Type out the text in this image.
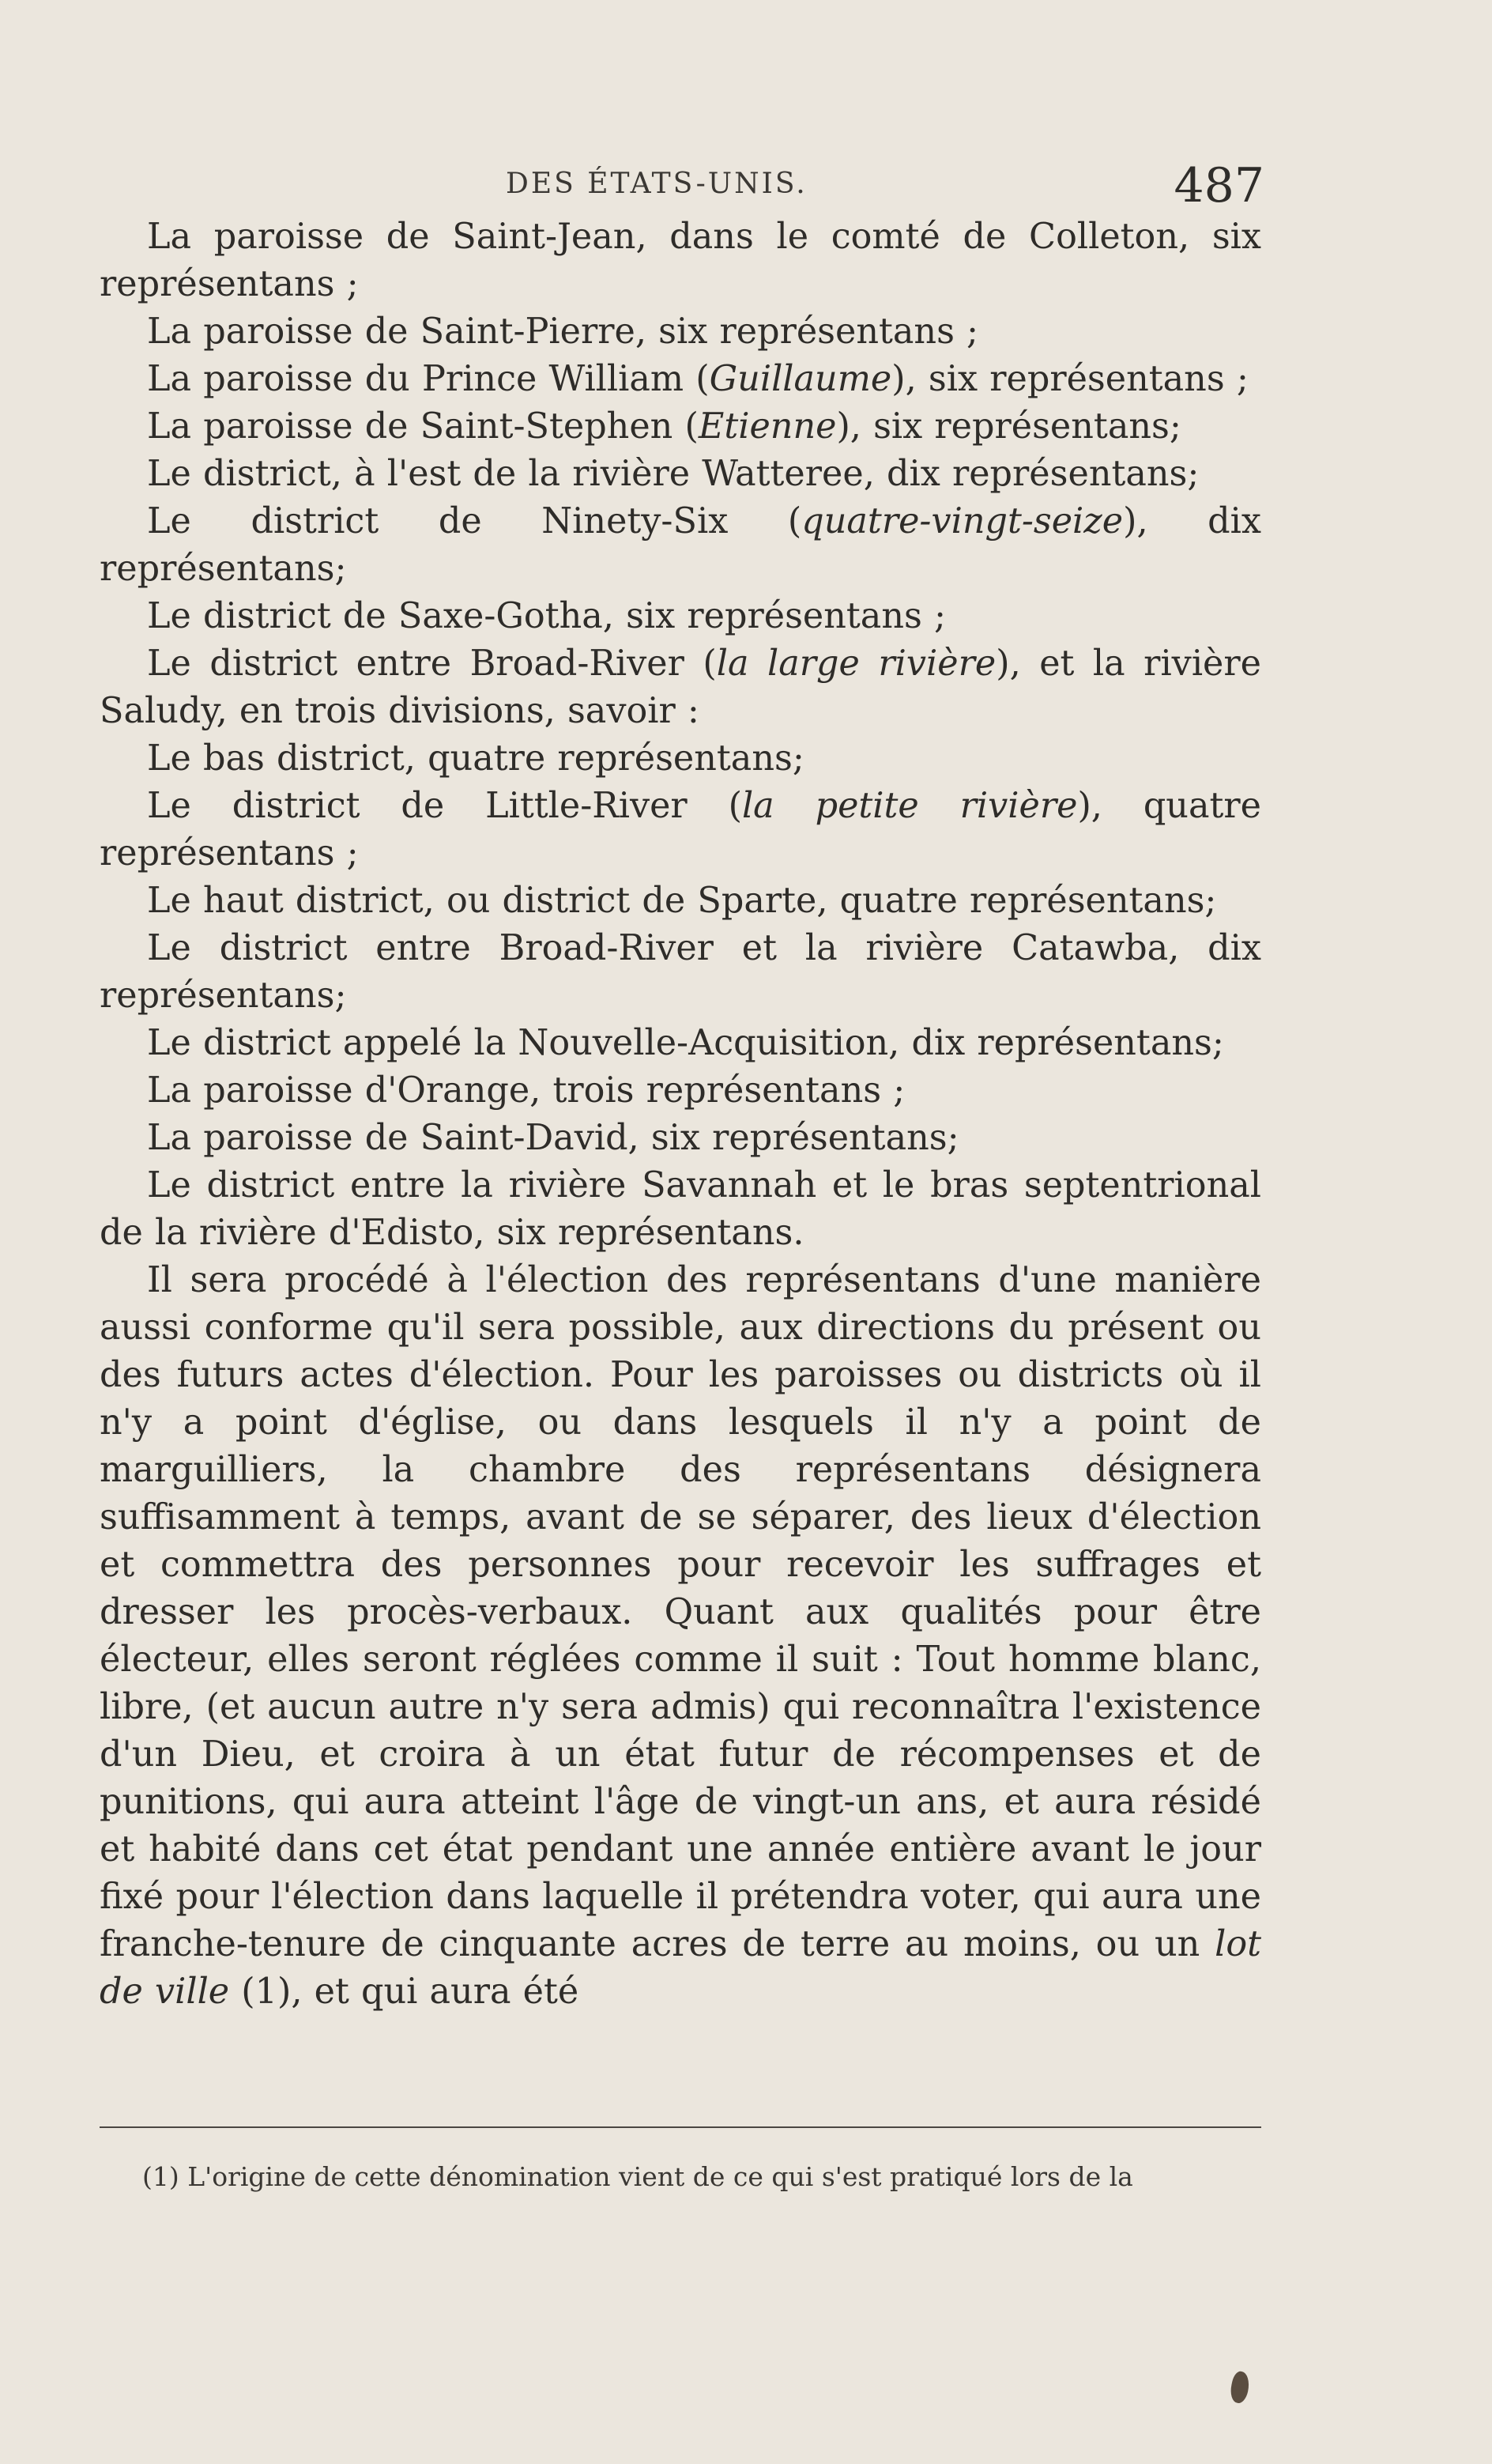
DES ÉTATS-UNIS.	487

La paroisse de Saint-Jean, dans le comté de Colleton, six représentans ;

La paroisse de Saint-Pierre, six représentans ;

La paroisse du Prince William (Guillaume), six représentans ;

La paroisse de Saint-Stephen (Etienne), six représentans;

Le district, à l'est de la rivière Watteree, dix représentans;

Le district de Ninety-Six (quatre-vingt-seize), dix représentans;

Le district de Saxe-Gotha, six représentans ;

Le district entre Broad-River (la large rivière), et la rivière Saludy, en trois divisions, savoir :

Le bas district, quatre représentans;

Le district de Little-River (la petite rivière), quatre représentans ;

Le haut district, ou district de Sparte, quatre représentans;

Le district entre Broad-River et la rivière Catawba, dix représentans;

Le district appelé la Nouvelle-Acquisition, dix représentans;

La paroisse d'Orange, trois représentans ;

La paroisse de Saint-David, six représentans;

Le district entre la rivière Savannah et le bras septentrional de la rivière d'Edisto, six représentans.

Il sera procédé à l'élection des représentans d'une manière aussi conforme qu'il sera possible, aux directions du présent ou des futurs actes d'élection. Pour les paroisses ou districts où il n'y a point d'église, ou dans lesquels il n'y a point de marguilliers, la chambre des représentans désignera suffisamment à temps, avant de se séparer, des lieux d'élection et commettra des personnes pour recevoir les suffrages et dresser les procès-verbaux. Quant aux qualités pour être électeur, elles seront réglées comme il suit : Tout homme blanc, libre, (et aucun autre n'y sera admis) qui reconnaîtra l'existence d'un Dieu, et croira à un état futur de récompenses et de punitions, qui aura atteint l'âge de vingt-un ans, et aura résidé et habité dans cet état pendant une année entière avant le jour fixé pour l'élection dans laquelle il prétendra voter, qui aura une franche-tenure de cinquante acres de terre au moins, ou un lot de ville (1), et qui aura été

(1) L'origine de cette dénomination vient de ce qui s'est pratiqué lors de la
